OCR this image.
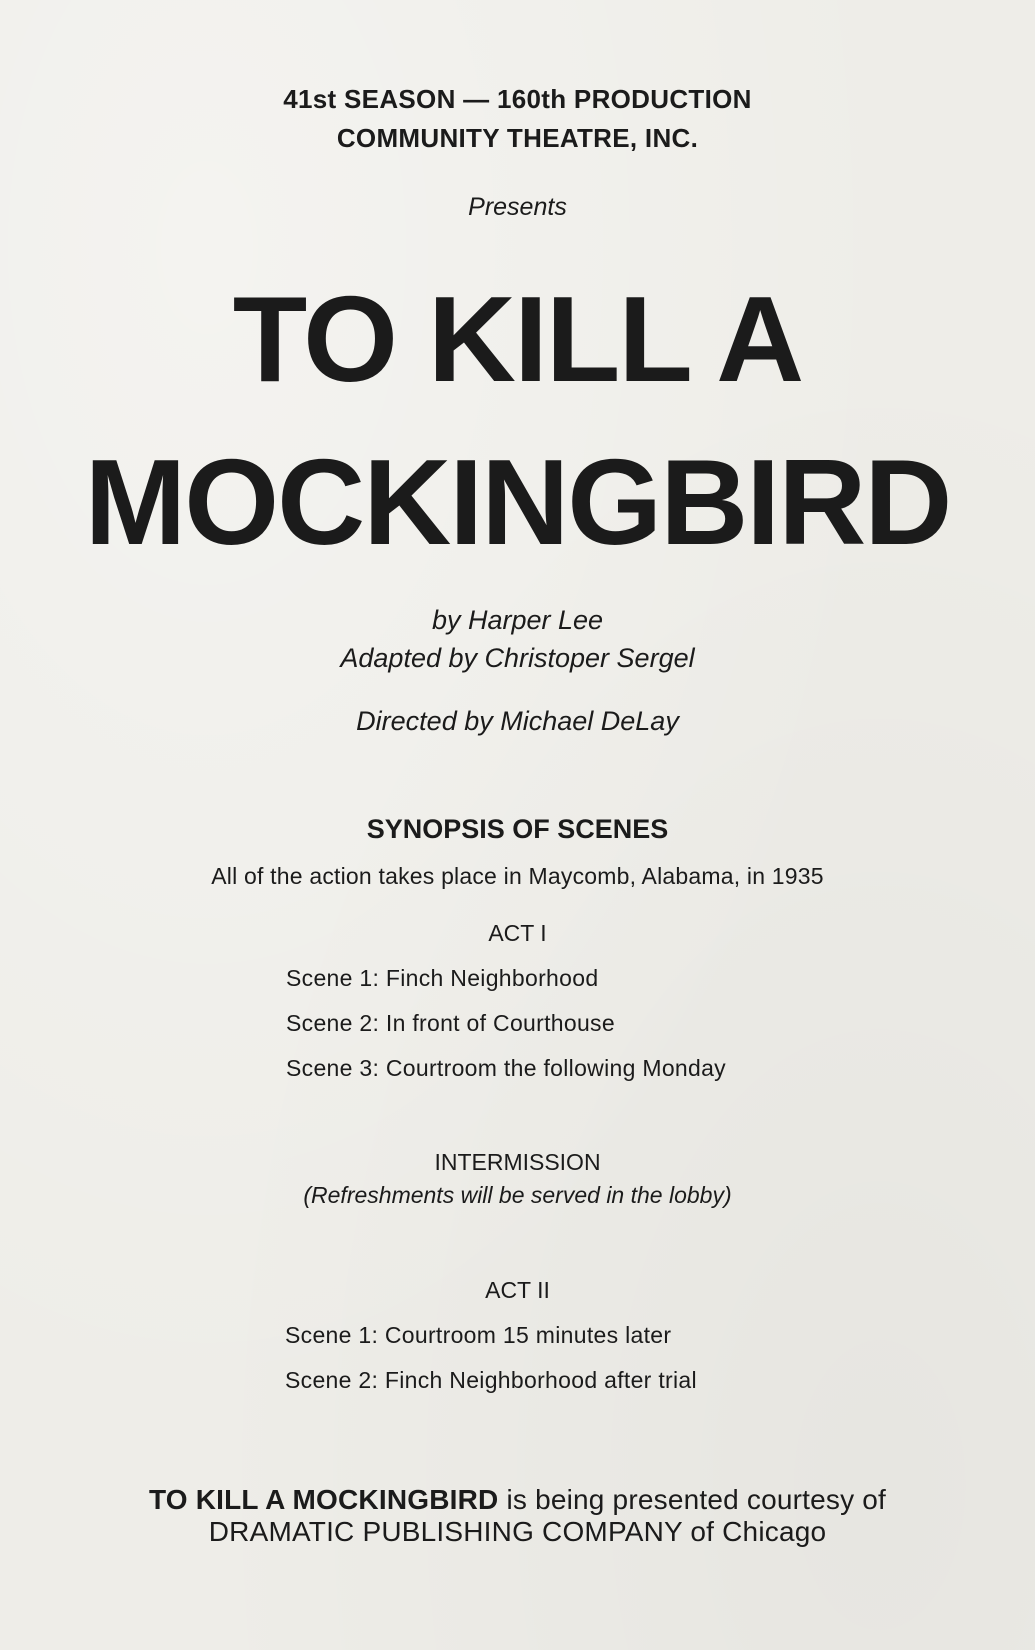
41st SEASON — 160th PRODUCTION
COMMUNITY THEATRE, INC.
Presents
TO KILL A
MOCKINGBIRD
by Harper Lee
Adapted by Christoper Sergel
Directed by Michael DeLay
SYNOPSIS OF SCENES
All of the action takes place in Maycomb, Alabama, in 1935
ACT I
Scene 1: Finch Neighborhood
Scene 2: In front of Courthouse
Scene 3: Courtroom the following Monday
INTERMISSION
(Refreshments will be served in the lobby)
ACT II
Scene 1: Courtroom 15 minutes later
Scene 2: Finch Neighborhood after trial
TO KILL A MOCKINGBIRD is being presented courtesy of
DRAMATIC PUBLISHING COMPANY of Chicago
